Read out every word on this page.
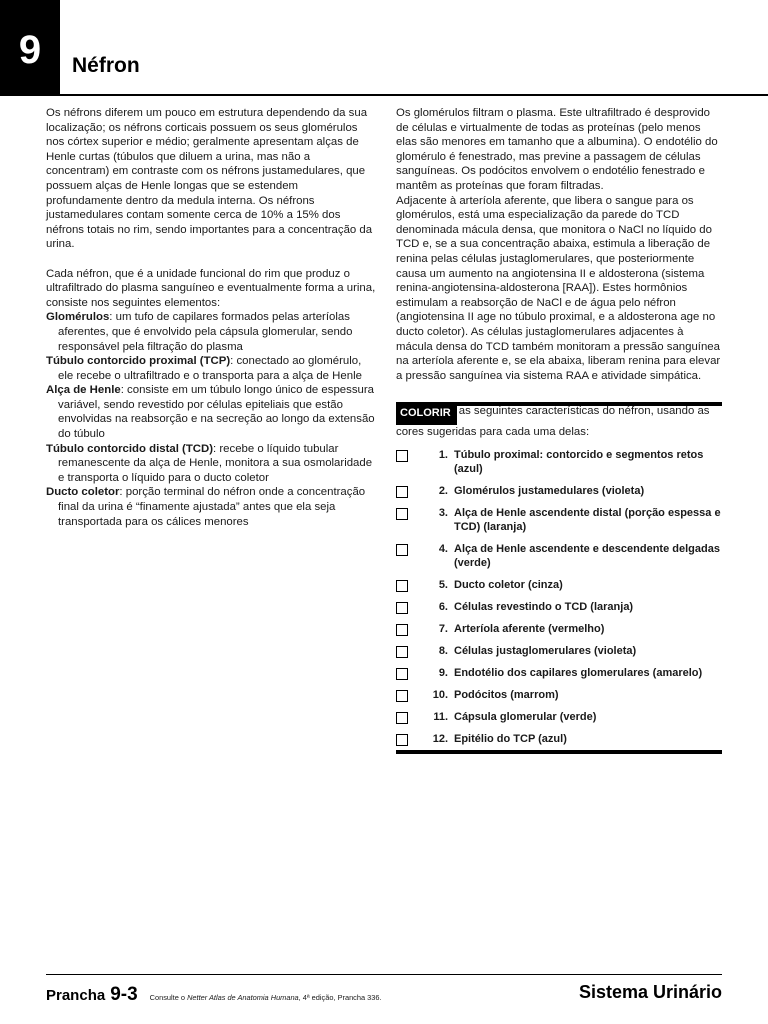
9	Néfron

Os néfrons diferem um pouco em estrutura dependendo da sua localização; os néfrons corticais possuem os seus glomérulos nos córtex superior e médio; geralmente apresentam alças de Henle curtas (túbulos que diluem a urina, mas não a concentram) em contraste com os néfrons justamedulares, que possuem alças de Henle longas que se estendem profundamente dentro da medula interna. Os néfrons justamedulares contam somente cerca de 10% a 15% dos néfrons totais no rim, sendo importantes para a concentração da urina.

Cada néfron, que é a unidade funcional do rim que produz o ultrafiltrado do plasma sanguíneo e eventualmente forma a urina, consiste nos seguintes elementos:

Glomérulos: um tufo de capilares formados pelas arteríolas aferentes, que é envolvido pela cápsula glomerular, sendo responsável pela filtração do plasma

Túbulo contorcido proximal (TCP): conectado ao glomérulo, ele recebe o ultrafiltrado e o transporta para a alça de Henle

Alça de Henle: consiste em um túbulo longo único de espessura variável, sendo revestido por células epiteliais que estão envolvidas na reabsorção e na secreção ao longo da extensão do túbulo

Túbulo contorcido distal (TCD): recebe o líquido tubular remanescente da alça de Henle, monitora a sua osmolaridade e transporta o líquido para o ducto coletor

Ducto coletor: porção terminal do néfron onde a concentração final da urina é “finamente ajustada” antes que ela seja transportada para os cálices menores

Os glomérulos filtram o plasma. Este ultrafiltrado é desprovido de células e virtualmente de todas as proteínas (pelo menos elas são menores em tamanho que a albumina). O endotélio do glomérulo é fenestrado, mas previne a passagem de células sanguíneas. Os podócitos envolvem o endotélio fenestrado e mantêm as proteínas que foram filtradas.

Adjacente à arteríola aferente, que libera o sangue para os glomérulos, está uma especialização da parede do TCD denominada mácula densa, que monitora o NaCl no líquido do TCD e, se a sua concentração abaixa, estimula a liberação de renina pelas células justaglomerulares, que posteriormente causa um aumento na angiotensina II e aldosterona (sistema renina-angiotensina-aldosterona [RAA]). Estes hormônios estimulam a reabsorção de NaCl e de água pelo néfron (angiotensina II age no túbulo proximal, e a aldosterona age no ducto coletor). As células justaglomerulares adjacentes à mácula densa do TCD também monitoram a pressão sanguínea na arteríola aferente e, se ela abaixa, liberam renina para elevar a pressão sanguínea via sistema RAA e atividade simpática.

COLORIR as seguintes características do néfron, usando as cores sugeridas para cada uma delas:
1. Túbulo proximal: contorcido e segmentos retos (azul)
2. Glomérulos justamedulares (violeta)
3. Alça de Henle ascendente distal (porção espessa e TCD) (laranja)
4. Alça de Henle ascendente e descendente delgadas (verde)
5. Ducto coletor (cinza)
6. Células revestindo o TCD (laranja)
7. Arteríola aferente (vermelho)
8. Células justaglomerulares (violeta)
9. Endotélio dos capilares glomerulares (amarelo)
10. Podócitos (marrom)
11. Cápsula glomerular (verde)
12. Epitélio do TCP (azul)
Prancha 9-3 Consulte o Netter Atlas de Anatomia Humana, 4ª edição, Prancha 336.	Sistema Urinário
